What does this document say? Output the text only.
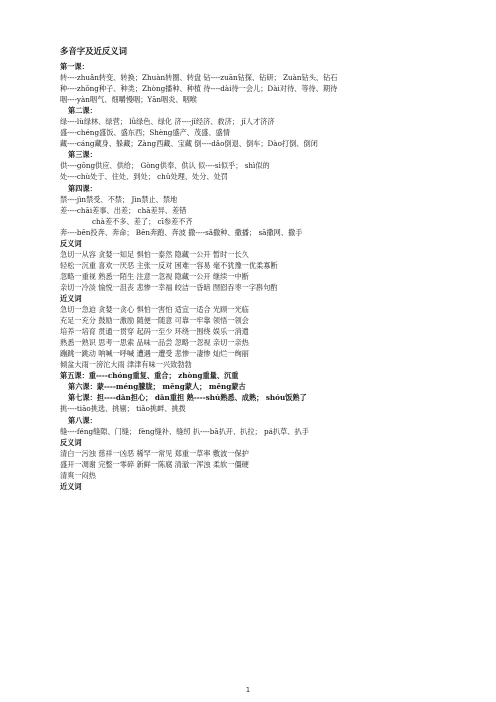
多音字及近反义词
第一课：
转----zhuǎn转变、转换；Zhuàn转圈、转盘 钻----zuān钻探、钻研； Zuàn钻头、钻石
种----zhǒng种子、种类；Zhòng播种、种植 待----dài待一会儿；Dài对待、等待、期待
咽----yàn咽气、细嚼慢咽；Yān咽炎、咽喉
第二课：
绿----lù绿林、绿营； lǜ绿色、绿化 济----jǐ经济、救济； jǐ人才济济
盛----chéng盛饭、盛东西；Shèng盛产、茂盛、盛情
藏----cáng藏身、躲藏；Zàng西藏、宝藏 倒----dǎo倒退、倒车；Dào打倒、倒闭
第三课：
供----gōng供应、供给； Gòng供奉、供认 似----sì似乎； shì似的
处----chù处于、住处、到处； chǔ处理、处分、处罚
第四课：
禁----jìn禁受、不禁； Jìn禁止、禁地
差----chāi差事、出差； chā差异、差错
chà差不多、差了； cī参差不齐
奔----bēn投奔、奔命； Bēn奔跑、奔波 撒----sǎ撒种、撒播； sā撒网、撒手
反义词
急切一从容 贪婪一知足 惧怕一泰然 隐藏一公开 暂时一长久
轻松一沉重 喜欢一厌恶 主张一反对 困难一容易 毫不犹豫一优柔寡断
忽略一重视 熟悉一陌生 注意一忽视 隐藏一公开 继续一中断
亲切一冷淡 愉悦一沮丧 悲惨一幸福 皎洁一昏暗 囫囵吞枣一字斟句酌
近义词
急切一急迫 贪婪一贪心 惧怕一害怕 适宜一适合 光顾一光临
充足一充分 鼓励一激励 随便一随意 可靠一牢靠 领悟一领会
培养一培育 贯通一贯穿 起码一至少 环绕一围绕 娱乐一消遣
熟悉一熟识 思考一思索 品味一品尝 忽略一忽视 亲切一亲热
蹦跳一跳动 呐喊一呼喊 遭遇一遭受 悲惨一凄惨 灿烂一绚丽
倾盆大雨一滂沱大雨 津津有味一兴致勃勃
第五课：重----chóng重复、重合； zhòng重量、沉重
第六课：蒙----méng朦胧； měng蒙人； měng蒙古
第七课：担----dān担心； dān重担 熟----shú熟悉、成熟； shóu饭熟了
挑----tiāo挑选、挑剔； tiǎo挑衅、挑拨
第八课：
缝----féng缝隙、门缝； fèng缝补、缝纫 扒----bā扒开、扒拉； pá扒草、扒手
反义词
清白一污浊 慈祥一凶恶 稀罕一常见 郑重一草率 敷波一保护
盛开一凋谢 完整一零碎 新鲜一陈腐 清澈一浑浊 柔软一僵硬
清爽一闷热
近义词
1
